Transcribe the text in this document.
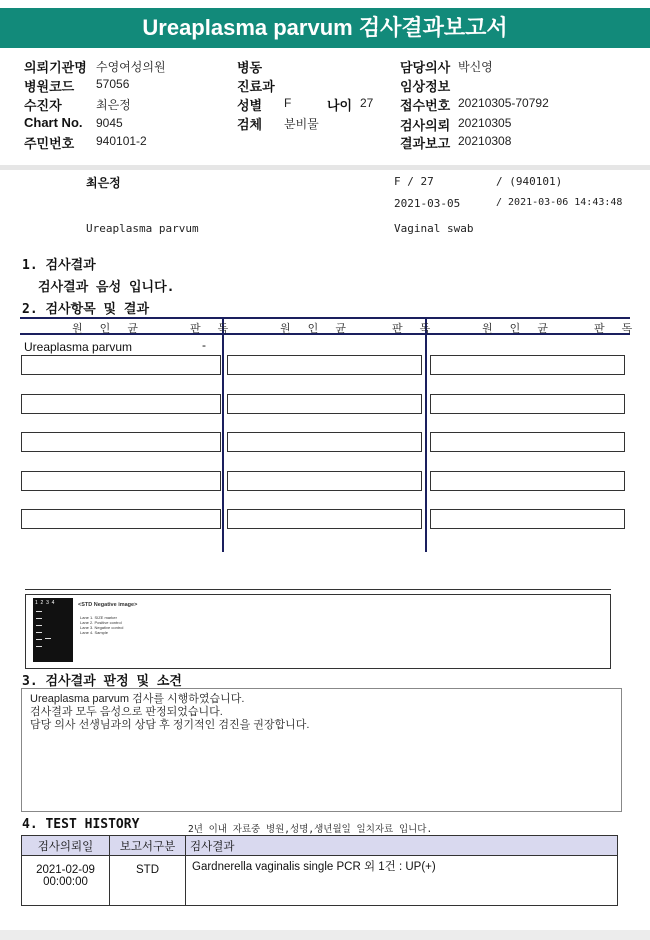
Ureaplasma parvum 검사결과보고서
의뢰기관명 수영여성의원	병동	담당의사 박신영
병원코드 57056	진료과	임상정보
수진자	최은정	성별 F	나이 27 접수번호 20210305-70792
Chart No. 9045	검체 분비물	검사의뢰 20210305
주민번호 940101-2	결과보고 20210308
최은정	F / 27	/ (940101)
2021-03-05	/ 2021-03-06 14:43:48
Ureaplasma parvum	Vaginal swab
1. 검사결과
검사결과 음성 입니다.
2. 검사항목 및 결과
원 인 균	판 독	원 인 균	판 독	원 인 균	판 독
Ureaplasma parvum	-
1  2  3  4	<STD Negative image>
Lane 1. SIZE marker
Lane 2. Positive control
Lane 3. Negative control
Lane 4. Sample
3. 검사결과 판정 및 소견
Ureaplasma parvum 검사를 시행하였습니다.
검사결과 모두 음성으로 판정되었습니다.
담당 의사 선생님과의 상담 후 정기적인 검진을 권장합니다.
4. TEST HISTORY	2년 이내 자료중 병원,성명,생년월일 일치자료 입니다.
검사의뢰일	보고서구분	검사결과

2021-02-09
00:00:00	STD	Gardnerella vaginalis single PCR 외 1건 : UP(+)
